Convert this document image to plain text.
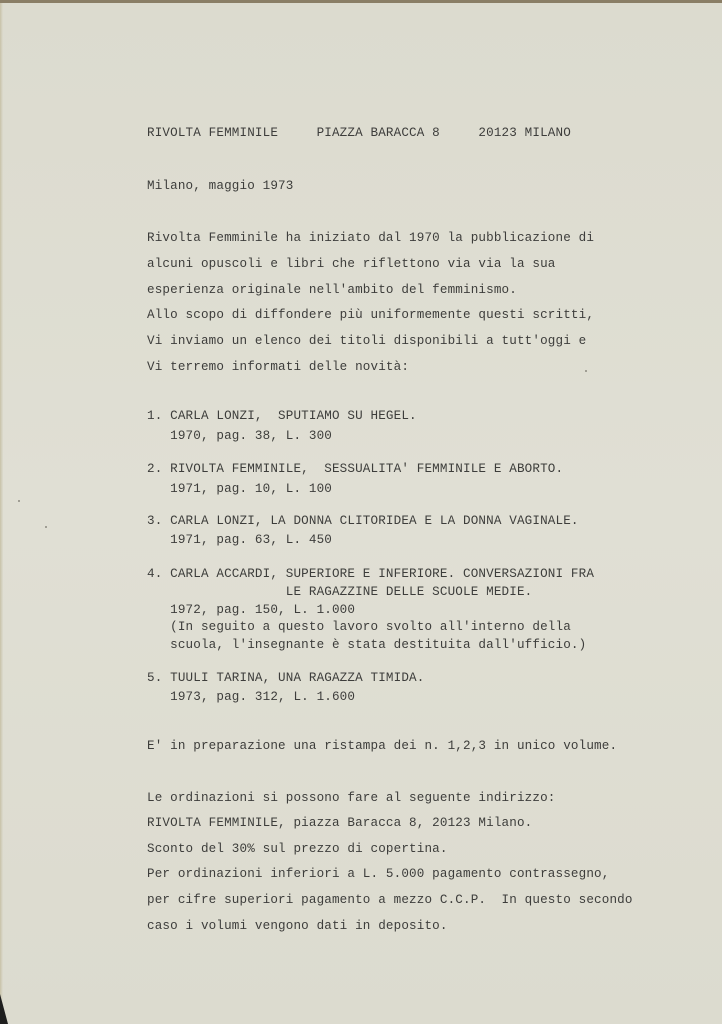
RIVOLTA FEMMINILE     PIAZZA BARACCA 8     20123 MILANO
Milano, maggio 1973
Rivolta Femminile ha iniziato dal 1970 la pubblicazione di
alcuni opuscoli e libri che riflettono via via la sua
esperienza originale nell'ambito del femminismo.
Allo scopo di diffondere più uniformemente questi scritti,
Vi inviamo un elenco dei titoli disponibili a tutt'oggi e
Vi terremo informati delle novità:
1. CARLA LONZI,  SPUTIAMO SU HEGEL.
1970, pag. 38, L. 300
2. RIVOLTA FEMMINILE,  SESSUALITA' FEMMINILE E ABORTO.
1971, pag. 10, L. 100
3. CARLA LONZI, LA DONNA CLITORIDEA E LA DONNA VAGINALE.
1971, pag. 63, L. 450
4. CARLA ACCARDI, SUPERIORE E INFERIORE. CONVERSAZIONI FRA
LE RAGAZZINE DELLE SCUOLE MEDIE.
1972, pag. 150, L. 1.000
(In seguito a questo lavoro svolto all'interno della
scuola, l'insegnante è stata destituita dall'ufficio.)
5. TUULI TARINA, UNA RAGAZZA TIMIDA.
1973, pag. 312, L. 1.600
E' in preparazione una ristampa dei n. 1,2,3 in unico volume.
Le ordinazioni si possono fare al seguente indirizzo:
RIVOLTA FEMMINILE, piazza Baracca 8, 20123 Milano.
Sconto del 30% sul prezzo di copertina.
Per ordinazioni inferiori a L. 5.000 pagamento contrassegno,
per cifre superiori pagamento a mezzo C.C.P.  In questo secondo
caso i volumi vengono dati in deposito.
